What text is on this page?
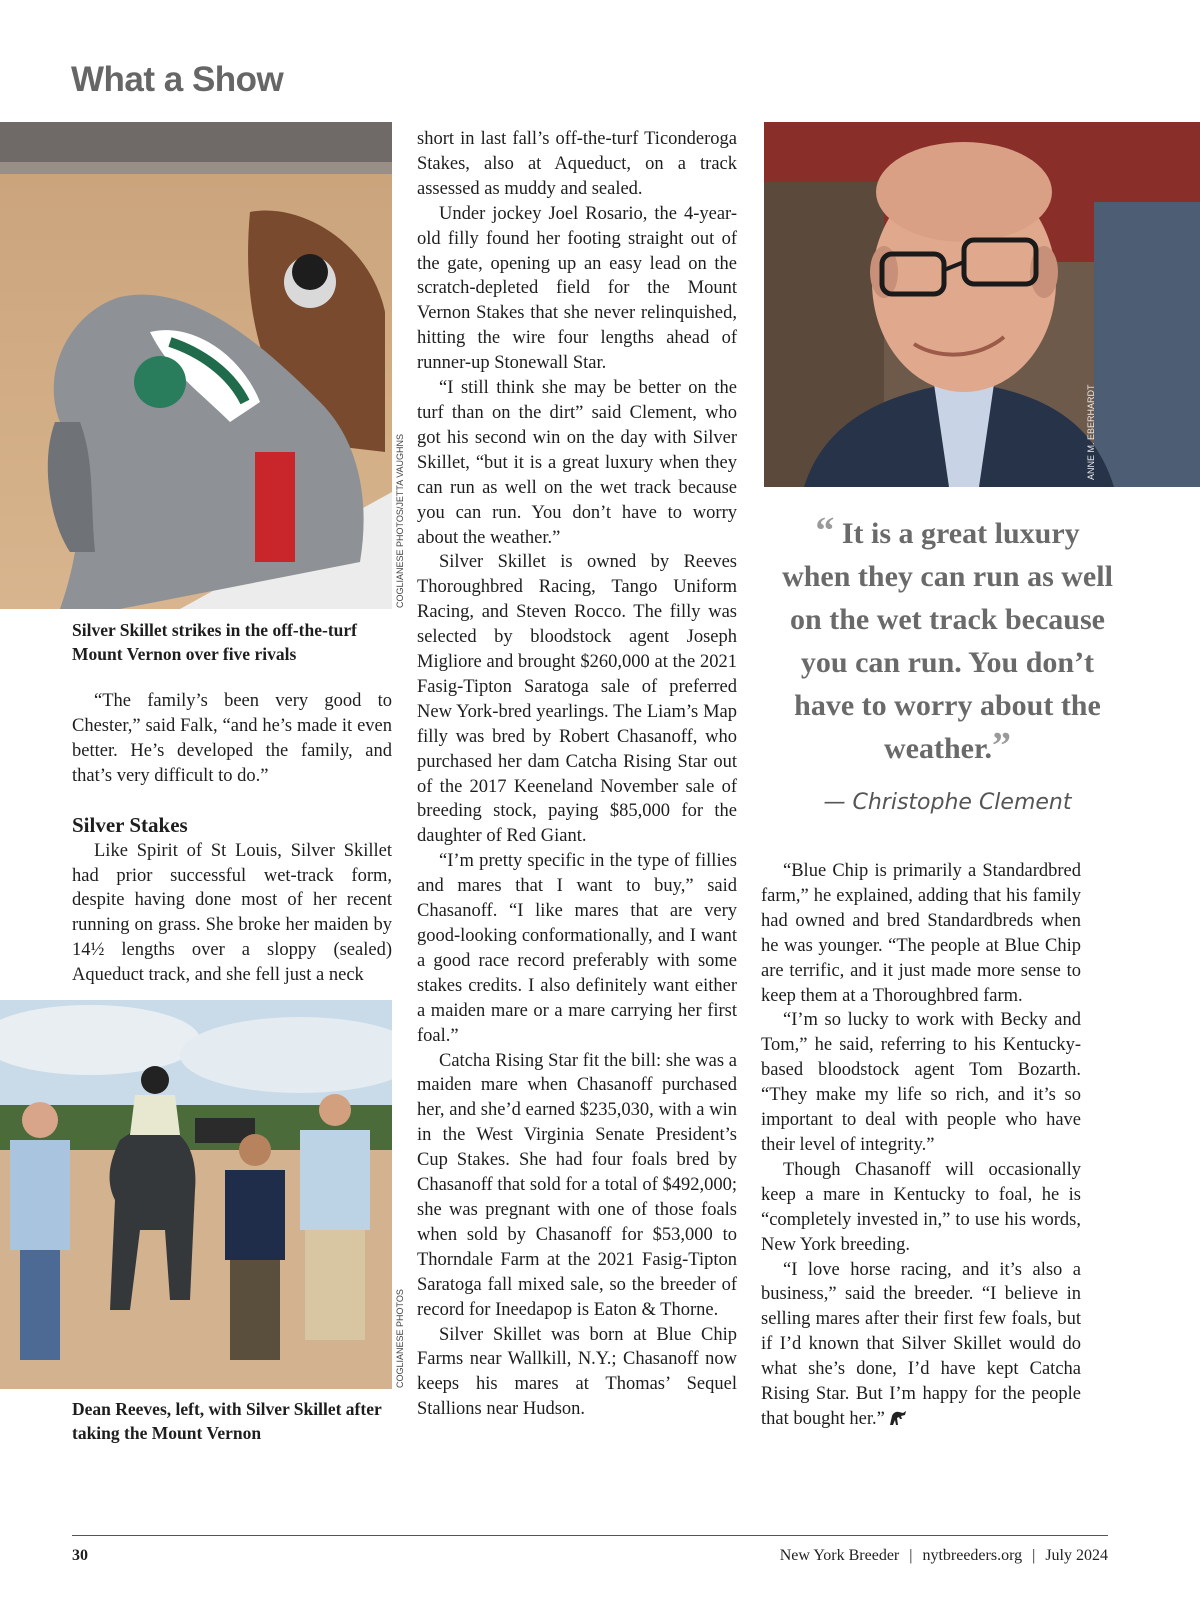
What a Show
COGLIANESE PHOTOS/JETTA VAUGHNS
Silver Skillet strikes in the off-the-turf Mount Vernon over five rivals

“The family’s been very good to Chester,” said Falk, “and he’s made it even better. He’s developed the family, and that’s very difficult to do.”

Silver Stakes

Like Spirit of St Louis, Silver Skillet had prior successful wet-track form, despite having done most of her recent running on grass. She broke her maiden by 14½ lengths over a sloppy (sealed) Aqueduct track, and she fell just a neck

COGLIANESE PHOTOS
Dean Reeves, left, with Silver Skillet after taking the Mount Vernon

short in last fall’s off-the-turf Ticonderoga Stakes, also at Aqueduct, on a track assessed as muddy and sealed.

Under jockey Joel Rosario, the 4-year-old filly found her footing straight out of the gate, opening up an easy lead on the scratch-depleted field for the Mount Vernon Stakes that she never relinquished, hitting the wire four lengths ahead of runner-up Stonewall Star.

“I still think she may be better on the turf than on the dirt” said Clement, who got his second win on the day with Silver Skillet, “but it is a great luxury when they can run as well on the wet track because you can run. You don’t have to worry about the weather.”

Silver Skillet is owned by Reeves Thoroughbred Racing, Tango Uniform Racing, and Steven Rocco. The filly was selected by bloodstock agent Joseph Migliore and brought $260,000 at the 2021 Fasig-Tipton Saratoga sale of preferred New York-bred yearlings. The Liam’s Map filly was bred by Robert Chasanoff, who purchased her dam Catcha Rising Star out of the 2017 Keeneland November sale of breeding stock, paying $85,000 for the daughter of Red Giant.

“I’m pretty specific in the type of fillies and mares that I want to buy,” said Chasanoff. “I like mares that are very good-looking conformationally, and I want a good race record preferably with some stakes credits. I also definitely want either a maiden mare or a mare carrying her first foal.”

Catcha Rising Star fit the bill: she was a maiden mare when Chasanoff purchased her, and she’d earned $235,030, with a win in the West Virginia Senate President’s Cup Stakes. She had four foals bred by Chasanoff that sold for a total of $492,000; she was pregnant with one of those foals when sold by Chasanoff for $53,000 to Thorndale Farm at the 2021 Fasig-Tipton Saratoga fall mixed sale, so the breeder of record for Ineedapop is Eaton & Thorne.

Silver Skillet was born at Blue Chip Farms near Wallkill, N.Y.; Chasanoff now keeps his mares at Thomas’ Sequel Stallions near Hudson.

ANNE M. EBERHARDT
“ It is a great luxury when they can run as well on the wet track because you can run. You don’t have to worry about the weather.”
— Christophe Clement

“Blue Chip is primarily a Standardbred farm,” he explained, adding that his family had owned and bred Standardbreds when he was younger. “The people at Blue Chip are terrific, and it just made more sense to keep them at a Thoroughbred farm.

“I’m so lucky to work with Becky and Tom,” he said, referring to his Kentucky-based bloodstock agent Tom Bozarth. “They make my life so rich, and it’s so important to deal with people who have their level of integrity.”

Though Chasanoff will occasionally keep a mare in Kentucky to foal, he is “completely invested in,” to use his words, New York breeding.

“I love horse racing, and it’s also a business,” said the breeder. “I believe in selling mares after their first few foals, but if I’d known that Silver Skillet would do what she’s done, I’d have kept Catcha Rising Star. But I’m happy for the people that bought her.”

30	New York Breeder | nytbreeders.org | July 2024
